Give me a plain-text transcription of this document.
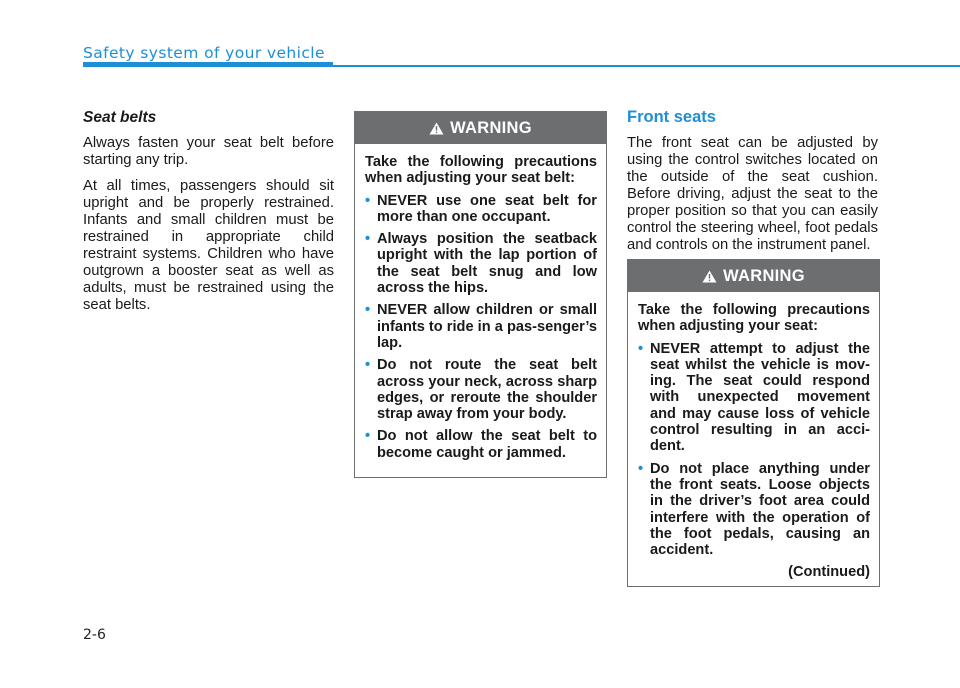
Safety system of your vehicle

Seat belts

Always fasten your seat belt before starting any trip.

At all times, passengers should sit upright and be properly restrained. Infants and small children must be restrained in appropriate child restraint systems. Children who have outgrown a booster seat as well as adults, must be restrained using the seat belts.

WARNING

Take the following precautions when adjusting your seat belt:

• NEVER use one seat belt for more than one occupant.
• Always position the seatback upright with the lap portion of the seat belt snug and low across the hips.
• NEVER allow children or small infants to ride in a pas-senger’s lap.
• Do not route the seat belt across your neck, across sharp edges, or reroute the shoulder strap away from your body.
• Do not allow the seat belt to become caught or jammed.

Front seats

The front seat can be adjusted by using the control switches located on the outside of the seat cushion. Before driving, adjust the seat to the proper position so that you can easily control the steering wheel, foot pedals and controls on the instrument panel.

WARNING

Take the following precautions when adjusting your seat:

• NEVER attempt to adjust the seat whilst the vehicle is mov-ing. The seat could respond with unexpected movement and may cause loss of vehicle control resulting in an acci-dent.
• Do not place anything under the front seats. Loose objects in the driver’s foot area could interfere with the operation of the foot pedals, causing an accident.
(Continued)
2-6
